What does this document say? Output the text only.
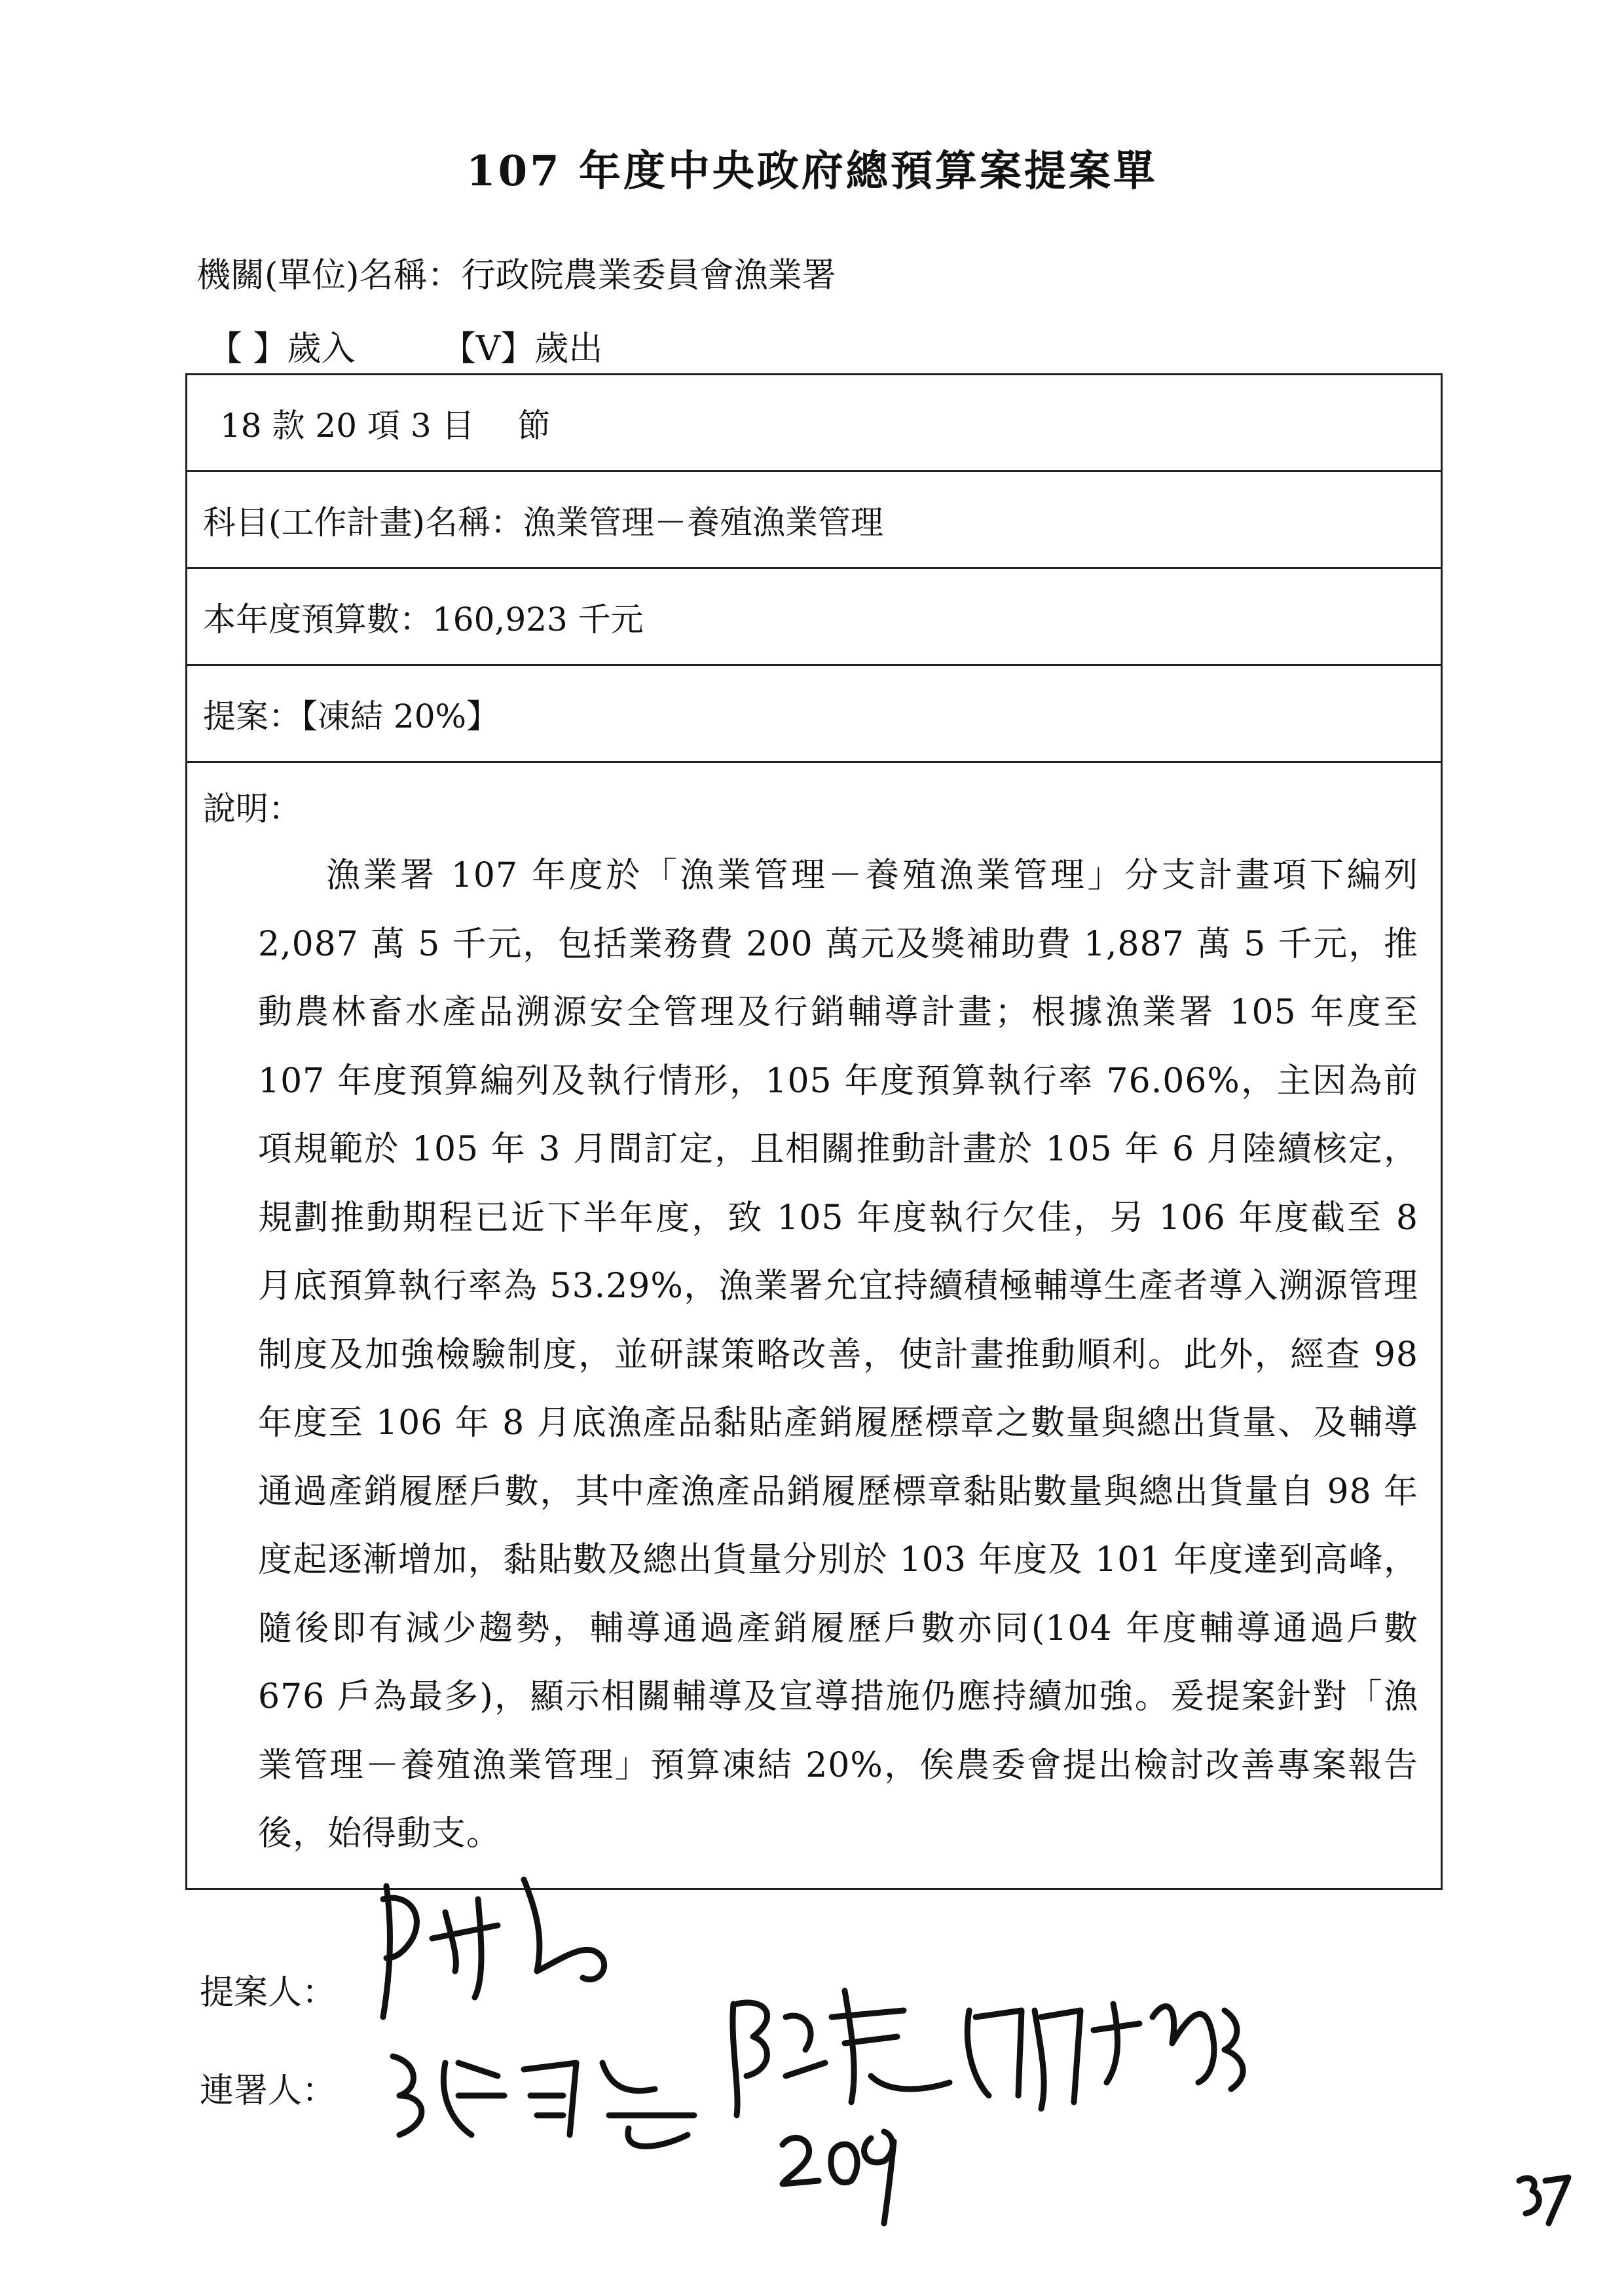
107 年度中央政府總預算案提案單
機關(單位)名稱：行政院農業委員會漁業署
【 】歲入	【V】歲出
18 款 20 項 3 目　 節
科目(工作計畫)名稱：漁業管理－養殖漁業管理
本年度預算數：160,923 千元
提案：【凍結 20%】

說明：
漁業署 107 年度於「漁業管理－養殖漁業管理」分支計畫項下編列 2,087 萬 5 千元，包括業務費 200 萬元及獎補助費 1,887 萬 5 千元，推動農林畜水產品溯源安全管理及行銷輔導計畫；根據漁業署 105 年度至 107 年度預算編列及執行情形，105 年度預算執行率 76.06%，主因為前項規範於 105 年 3 月間訂定，且相關推動計畫於 105 年 6 月陸續核定，規劃推動期程已近下半年度，致 105 年度執行欠佳，另 106 年度截至 8 月底預算執行率為 53.29%，漁業署允宜持續積極輔導生產者導入溯源管理制度及加強檢驗制度，並研謀策略改善，使計畫推動順利。此外，經查 98 年度至 106 年 8 月底漁產品黏貼產銷履歷標章之數量與總出貨量、及輔導通過產銷履歷戶數，其中產漁產品銷履歷標章黏貼數量與總出貨量自 98 年度起逐漸增加，黏貼數及總出貨量分別於 103 年度及 101 年度達到高峰，隨後即有減少趨勢，輔導通過產銷履歷戶數亦同(104 年度輔導通過戶數 676 戶為最多)，顯示相關輔導及宣導措施仍應持續加強。爰提案針對「漁業管理－養殖漁業管理」預算凍結 20%，俟農委會提出檢討改善專案報告後，始得動支。
提案人：
連署人：
